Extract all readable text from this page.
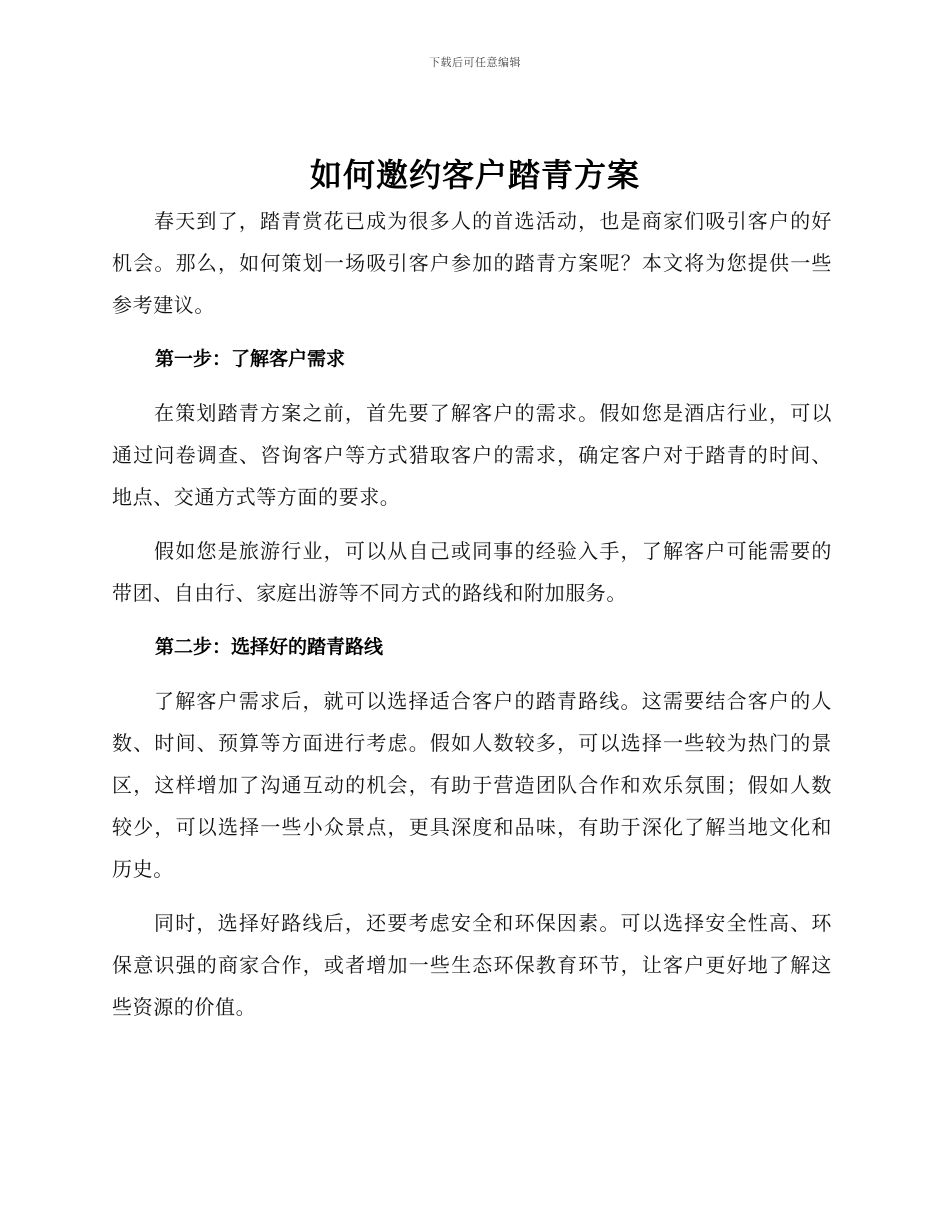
下载后可任意编辑
如何邀约客户踏青方案

春天到了，踏青赏花已成为很多人的首选活动，也是商家们吸引客户的好机会。那么，如何策划一场吸引客户参加的踏青方案呢？本文将为您提供一些参考建议。

第一步：了解客户需求

在策划踏青方案之前，首先要了解客户的需求。假如您是酒店行业，可以通过问卷调查、咨询客户等方式猎取客户的需求，确定客户对于踏青的时间、地点、交通方式等方面的要求。

假如您是旅游行业，可以从自己或同事的经验入手，了解客户可能需要的带团、自由行、家庭出游等不同方式的路线和附加服务。

第二步：选择好的踏青路线

了解客户需求后，就可以选择适合客户的踏青路线。这需要结合客户的人数、时间、预算等方面进行考虑。假如人数较多，可以选择一些较为热门的景区，这样增加了沟通互动的机会，有助于营造团队合作和欢乐氛围；假如人数较少，可以选择一些小众景点，更具深度和品味，有助于深化了解当地文化和历史。

同时，选择好路线后，还要考虑安全和环保因素。可以选择安全性高、环保意识强的商家合作，或者增加一些生态环保教育环节，让客户更好地了解这些资源的价值。
